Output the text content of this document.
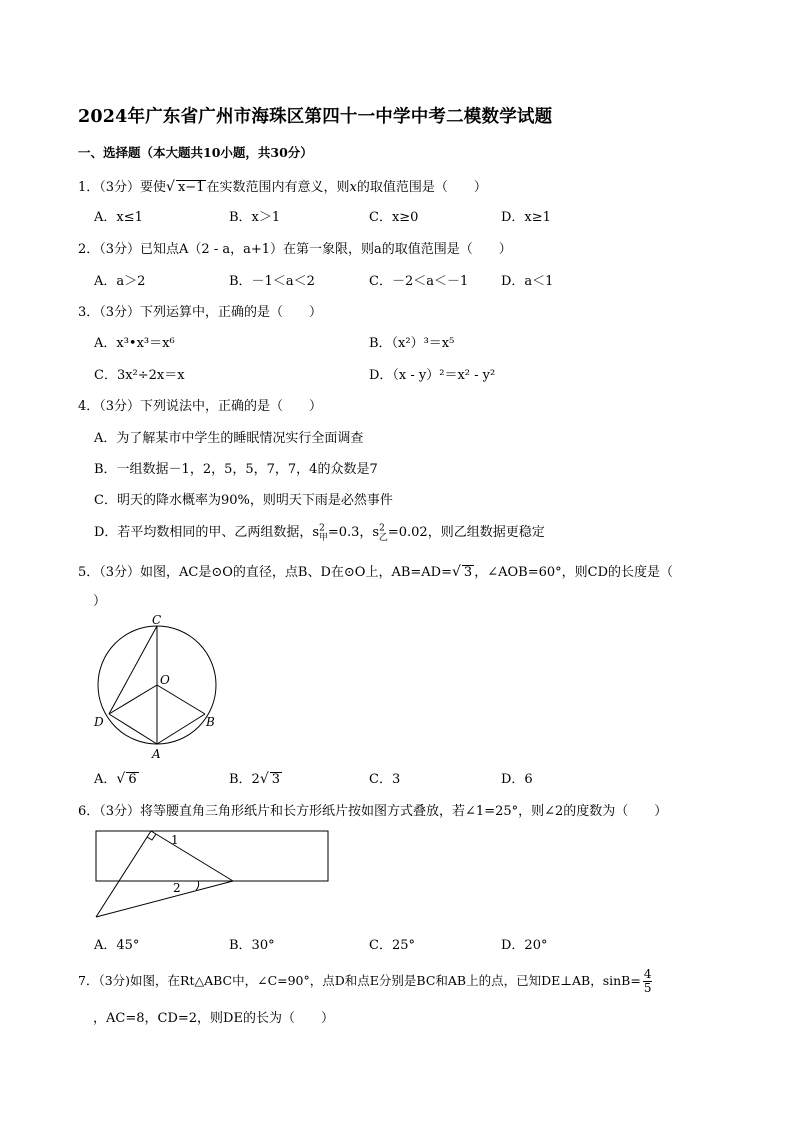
2024年广东省广州市海珠区第四十一中学中考二模数学试题
一、选择题（本大题共10小题，共30分）
1．（3分）要使√ x−1 在实数范围内有意义，则x的取值范围是（　　）
A．x≤1	B．x＞1	C．x≥0	D．x≥1
2．（3分）已知点A（2 - a，a+1）在第一象限，则a的取值范围是（　　）
A．a＞2	B．－1＜a＜2	C．－2＜a＜－1	D．a＜1
3．（3分）下列运算中，正确的是（　　）
A．x³•x³＝x⁶	B．（x²）³＝x⁵
C．3x²÷2x＝x	D．（x - y）²＝x² - y²
4．（3分）下列说法中，正确的是（　　）
A．为了解某市中学生的睡眠情况实行全面调查
B．一组数据－1，2，5，5，7，7，4的众数是7
C．明天的降水概率为90%，则明天下雨是必然事件
D．若平均数相同的甲、乙两组数据，$s^2_甲=0.3$，$s^2_乙=0.02$，则乙组数据更稳定
5．（3分）如图，AC是⊙O的直径，点B、D在⊙O上，AB=AD=√ 3 ，∠AOB=60°，则CD的长度是（
）
C
O
D	B
A
A．√ 6	B．2√ 3	C．3	D．6
6．（3分）将等腰直角三角形纸片和长方形纸片按如图方式叠放，若∠1=25°，则∠2的度数为（　　）
1
2
A．45°	B．30°	C．25°	D．20°
7．（3分)如图，在Rt△ABC中，∠C=90°，点D和点E分别是BC和AB上的点，已知DE⊥AB，$\sin B= \frac{4}{5}$
，AC=8，CD=2，则DE的长为（　　）
